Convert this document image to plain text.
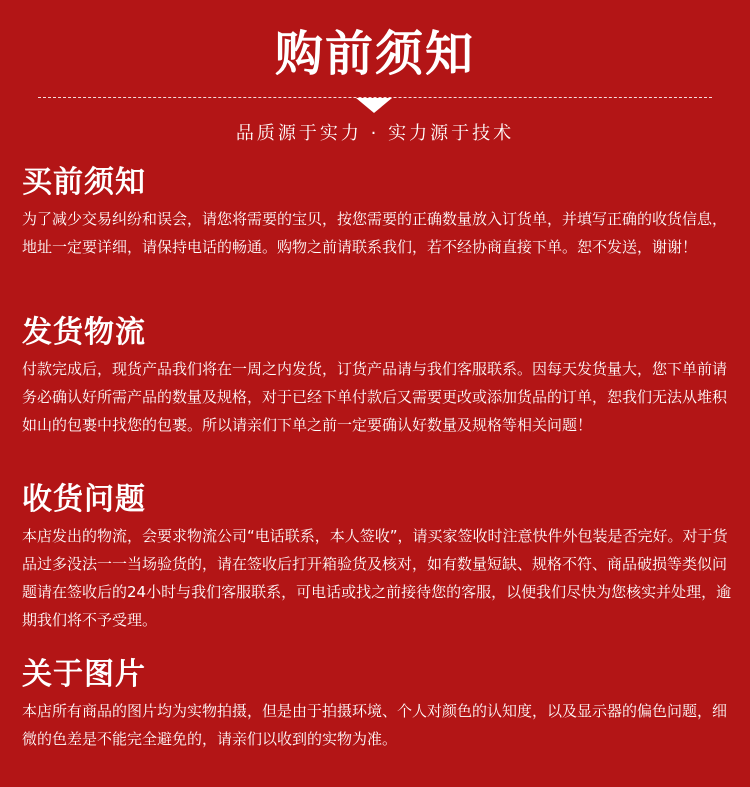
购前须知
品质源于实力 · 实力源于技术
买前须知

为了减少交易纠纷和误会，请您将需要的宝贝，按您需要的正确数量放入订货单，并填写正确的收货信息，地址一定要详细，请保持电话的畅通。购物之前请联系我们，若不经协商直接下单。恕不发送，谢谢！

发货物流

付款完成后，现货产品我们将在一周之内发货，订货产品请与我们客服联系。因每天发货量大，您下单前请务必确认好所需产品的数量及规格，对于已经下单付款后又需要更改或添加货品的订单，恕我们无法从堆积如山的包裹中找您的包裹。所以请亲们下单之前一定要确认好数量及规格等相关问题！

收货问题

本店发出的物流，会要求物流公司“电话联系，本人签收”，请买家签收时注意快件外包装是否完好。对于货品过多没法一一当场验货的，请在签收后打开箱验货及核对，如有数量短缺、规格不符、商品破损等类似问题请在签收后的24小时与我们客服联系，可电话或找之前接待您的客服，以便我们尽快为您核实并处理，逾期我们将不予受理。

关于图片

本店所有商品的图片均为实物拍摄，但是由于拍摄环境、个人对颜色的认知度，以及显示器的偏色问题，细微的色差是不能完全避免的，请亲们以收到的实物为准。
